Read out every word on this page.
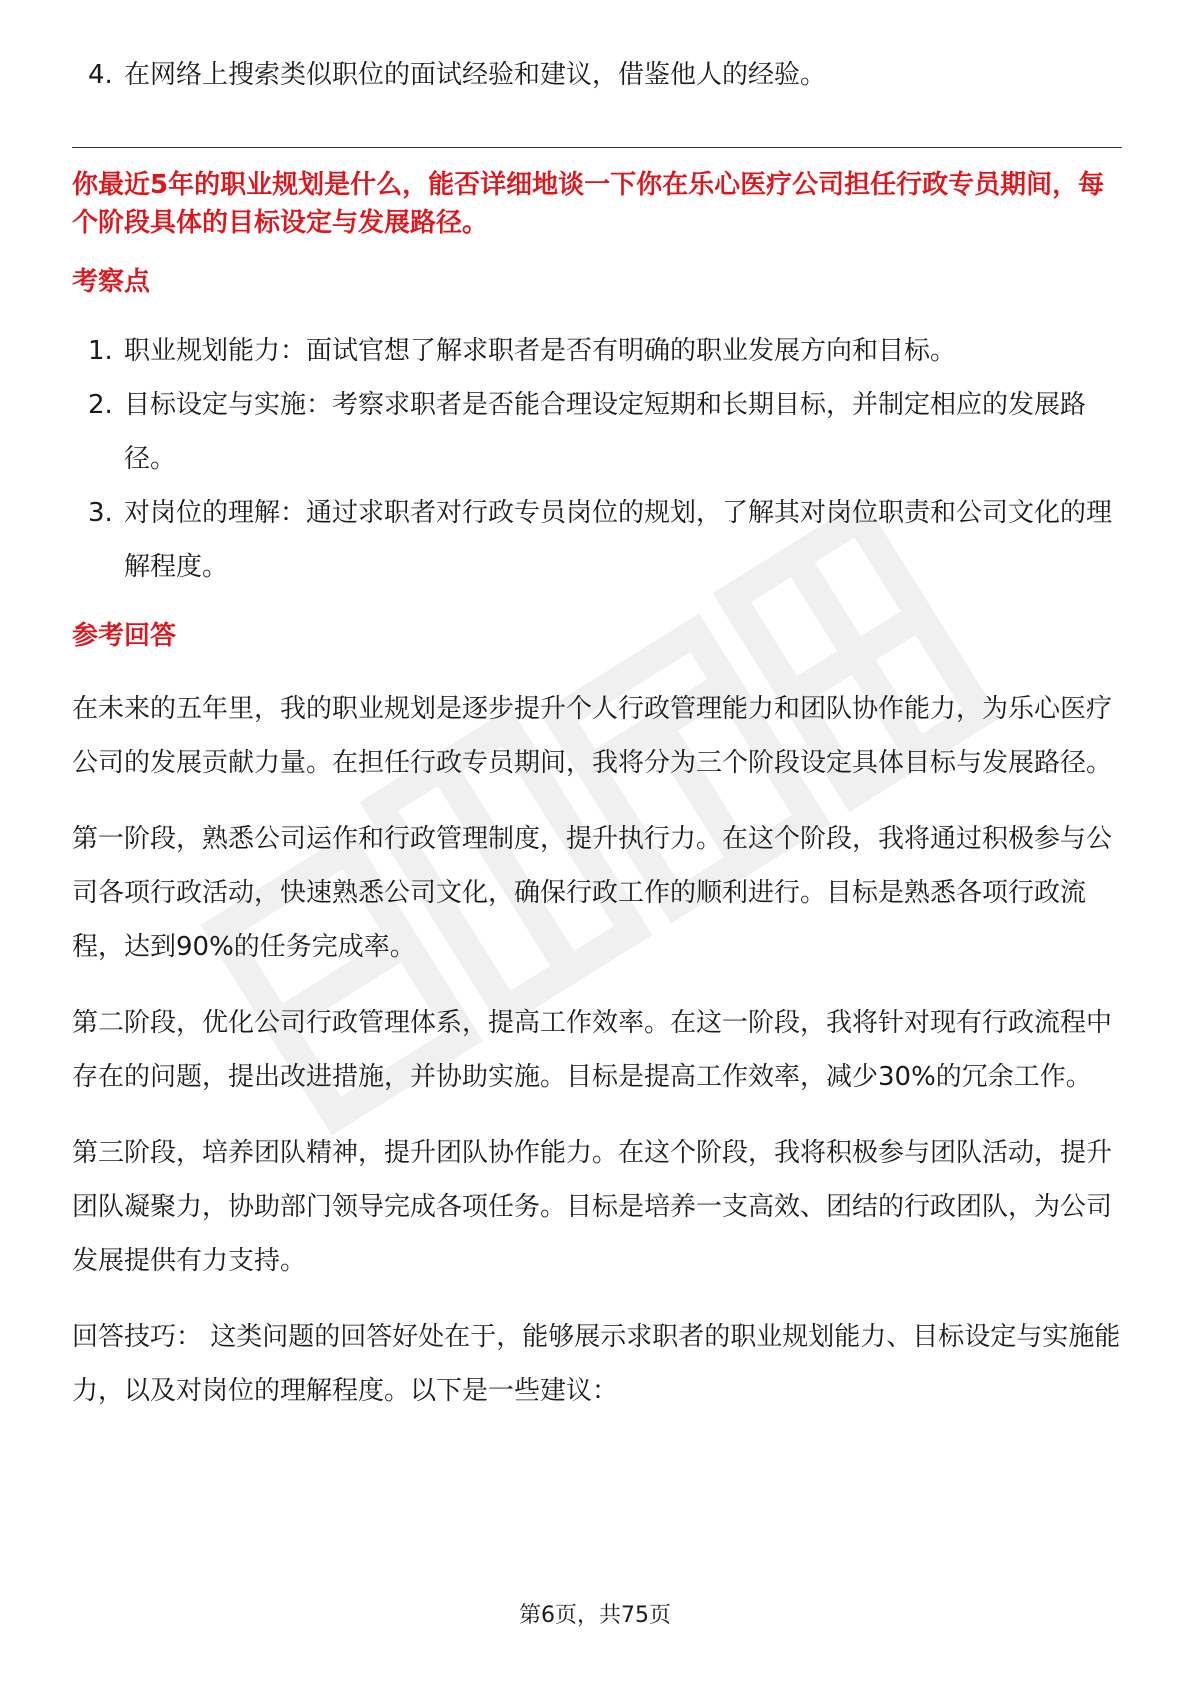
4. 在网络上搜索类似职位的面试经验和建议，借鉴他人的经验。
你最近5年的职业规划是什么，能否详细地谈一下你在乐心医疗公司担任行政专员期间，每个阶段具体的目标设定与发展路径。
考察点
1. 职业规划能力：面试官想了解求职者是否有明确的职业发展方向和目标。
2. 目标设定与实施：考察求职者是否能合理设定短期和长期目标，并制定相应的发展路径。
3. 对岗位的理解：通过求职者对行政专员岗位的规划，了解其对岗位职责和公司文化的理解程度。
参考回答
在未来的五年里，我的职业规划是逐步提升个人行政管理能力和团队协作能力，为乐心医疗公司的发展贡献力量。在担任行政专员期间，我将分为三个阶段设定具体目标与发展路径。
第一阶段，熟悉公司运作和行政管理制度，提升执行力。在这个阶段，我将通过积极参与公司各项行政活动，快速熟悉公司文化，确保行政工作的顺利进行。目标是熟悉各项行政流程，达到90%的任务完成率。
第二阶段，优化公司行政管理体系，提高工作效率。在这一阶段，我将针对现有行政流程中存在的问题，提出改进措施，并协助实施。目标是提高工作效率，减少30%的冗余工作。
第三阶段，培养团队精神，提升团队协作能力。在这个阶段，我将积极参与团队活动，提升团队凝聚力，协助部门领导完成各项任务。目标是培养一支高效、团结的行政团队，为公司发展提供有力支持。
回答技巧： 这类问题的回答好处在于，能够展示求职者的职业规划能力、目标设定与实施能力，以及对岗位的理解程度。以下是一些建议：
第6页，共75页
